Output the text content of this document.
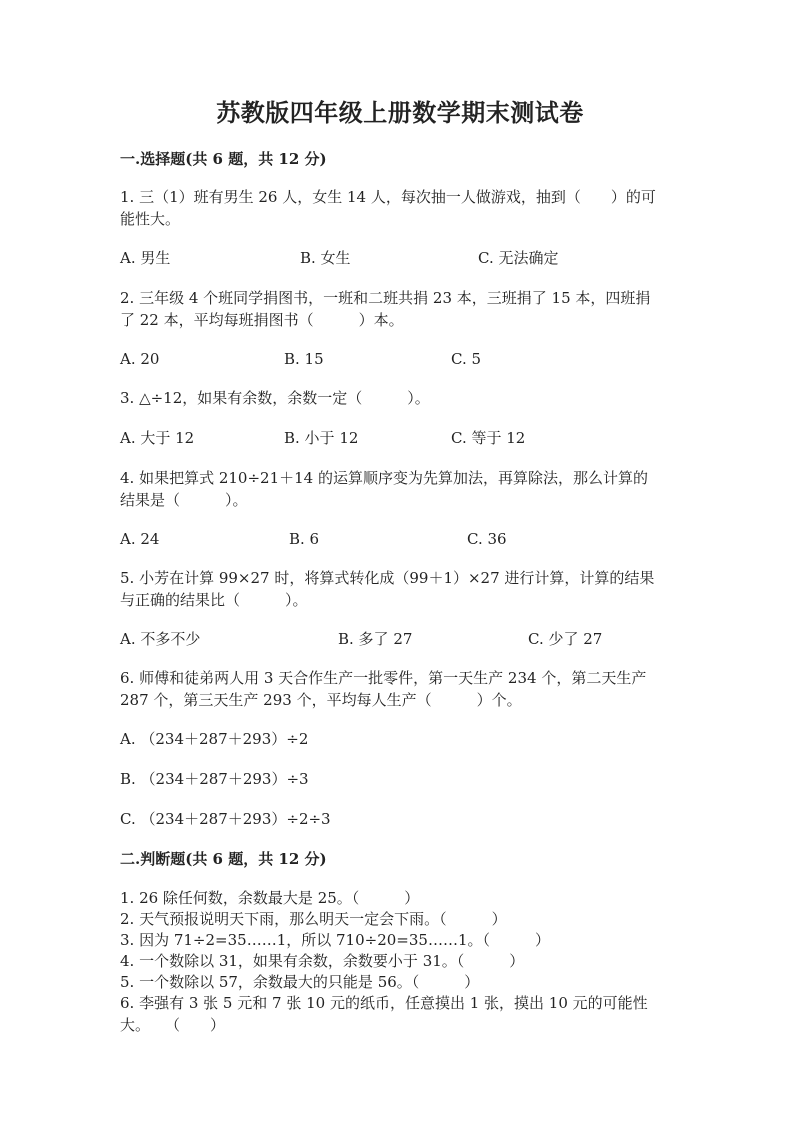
苏教版四年级上册数学期末测试卷
一.选择题(共 6 题，共 12 分)
1. 三（1）班有男生 26 人，女生 14 人，每次抽一人做游戏，抽到（　　）的可
能性大。
A. 男生	B. 女生	C. 无法确定
2. 三年级 4 个班同学捐图书，一班和二班共捐 23 本，三班捐了 15 本，四班捐
了 22 本，平均每班捐图书（　　　）本。
A. 20	B. 15	C. 5
3. △÷12，如果有余数，余数一定（　　　）。
A. 大于 12	B. 小于 12	C. 等于 12
4. 如果把算式 210÷21＋14 的运算顺序变为先算加法，再算除法，那么计算的
结果是（　　　）。
A. 24	B. 6	C. 36
5. 小芳在计算 99×27 时，将算式转化成（99＋1）×27 进行计算，计算的结果
与正确的结果比（　　　）。
A. 不多不少	B. 多了 27	C. 少了 27
6. 师傅和徒弟两人用 3 天合作生产一批零件，第一天生产 234 个，第二天生产
287 个，第三天生产 293 个，平均每人生产（　　　）个。
A. （234＋287＋293）÷2
B. （234＋287＋293）÷3
C. （234＋287＋293）÷2÷3
二.判断题(共 6 题，共 12 分)
1. 26 除任何数，余数最大是 25。（　　　）
2. 天气预报说明天下雨，那么明天一定会下雨。（　　　）
3. 因为 71÷2=35……1，所以 710÷20=35……1。（　　　）
4. 一个数除以 31，如果有余数，余数要小于 31。（　　　）
5. 一个数除以 57，余数最大的只能是 56。（　　　）
6. 李强有 3 张 5 元和 7 张 10 元的纸币，任意摸出 1 张，摸出 10 元的可能性
大。　　（　　）
